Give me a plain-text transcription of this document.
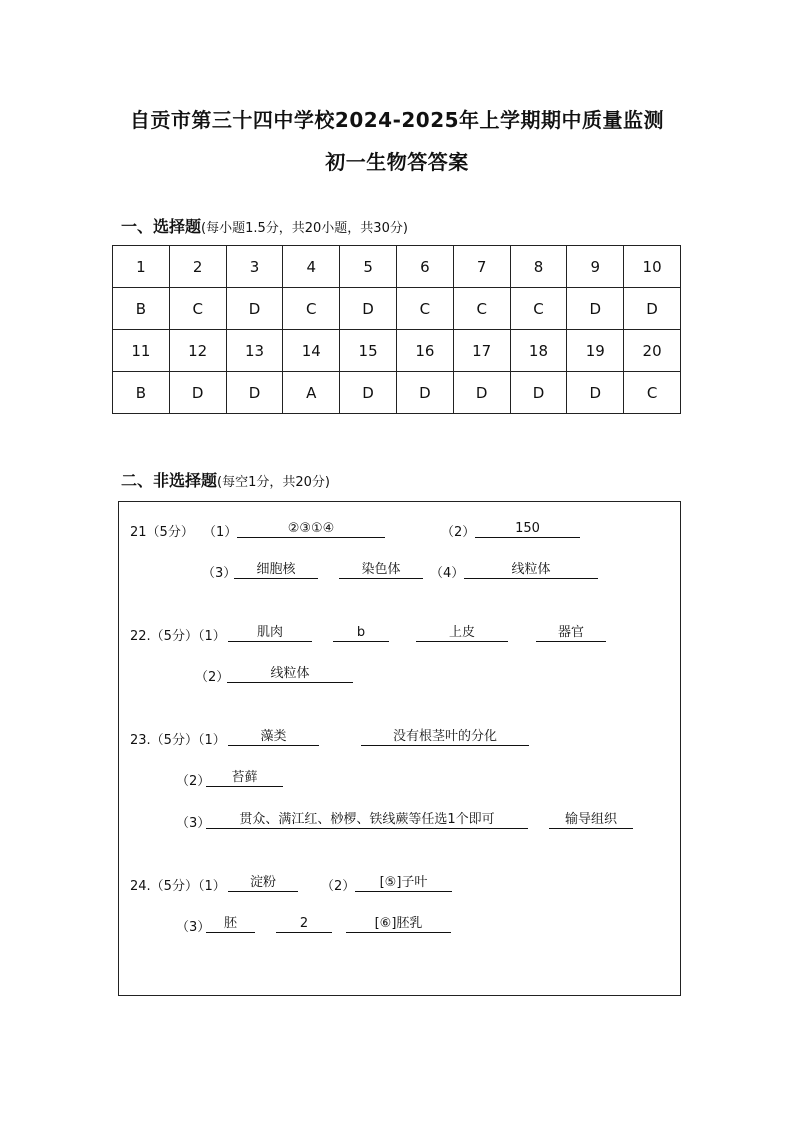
自贡市第三十四中学校2024-2025年上学期期中质量监测
初一生物答答案
一、选择题(每小题1.5分，共20小题，共30分)
1	2	3	4	5	6	7	8	9	10
B	C	D	C	D	C	C	C	D	D
11	12	13	14	15	16	17	18	19	20
B	D	D	A	D	D	D	D	D	C
二、非选择题(每空1分，共20分)
21（5分） （1）	②③①④	（2）	150
（3）	细胞核	染色体	（4）	线粒体
22.（5分）（1）	肌肉	b	上皮	器官
（2）	线粒体
23.（5分）（1）	藻类	没有根茎叶的分化
（2）	苔藓
（3）	贯众、满江红、桫椤、铁线蕨等任选1个即可	输导组织
24.（5分）（1）	淀粉	（2）	[⑤]子叶
（3）	胚	2	[⑥]胚乳
